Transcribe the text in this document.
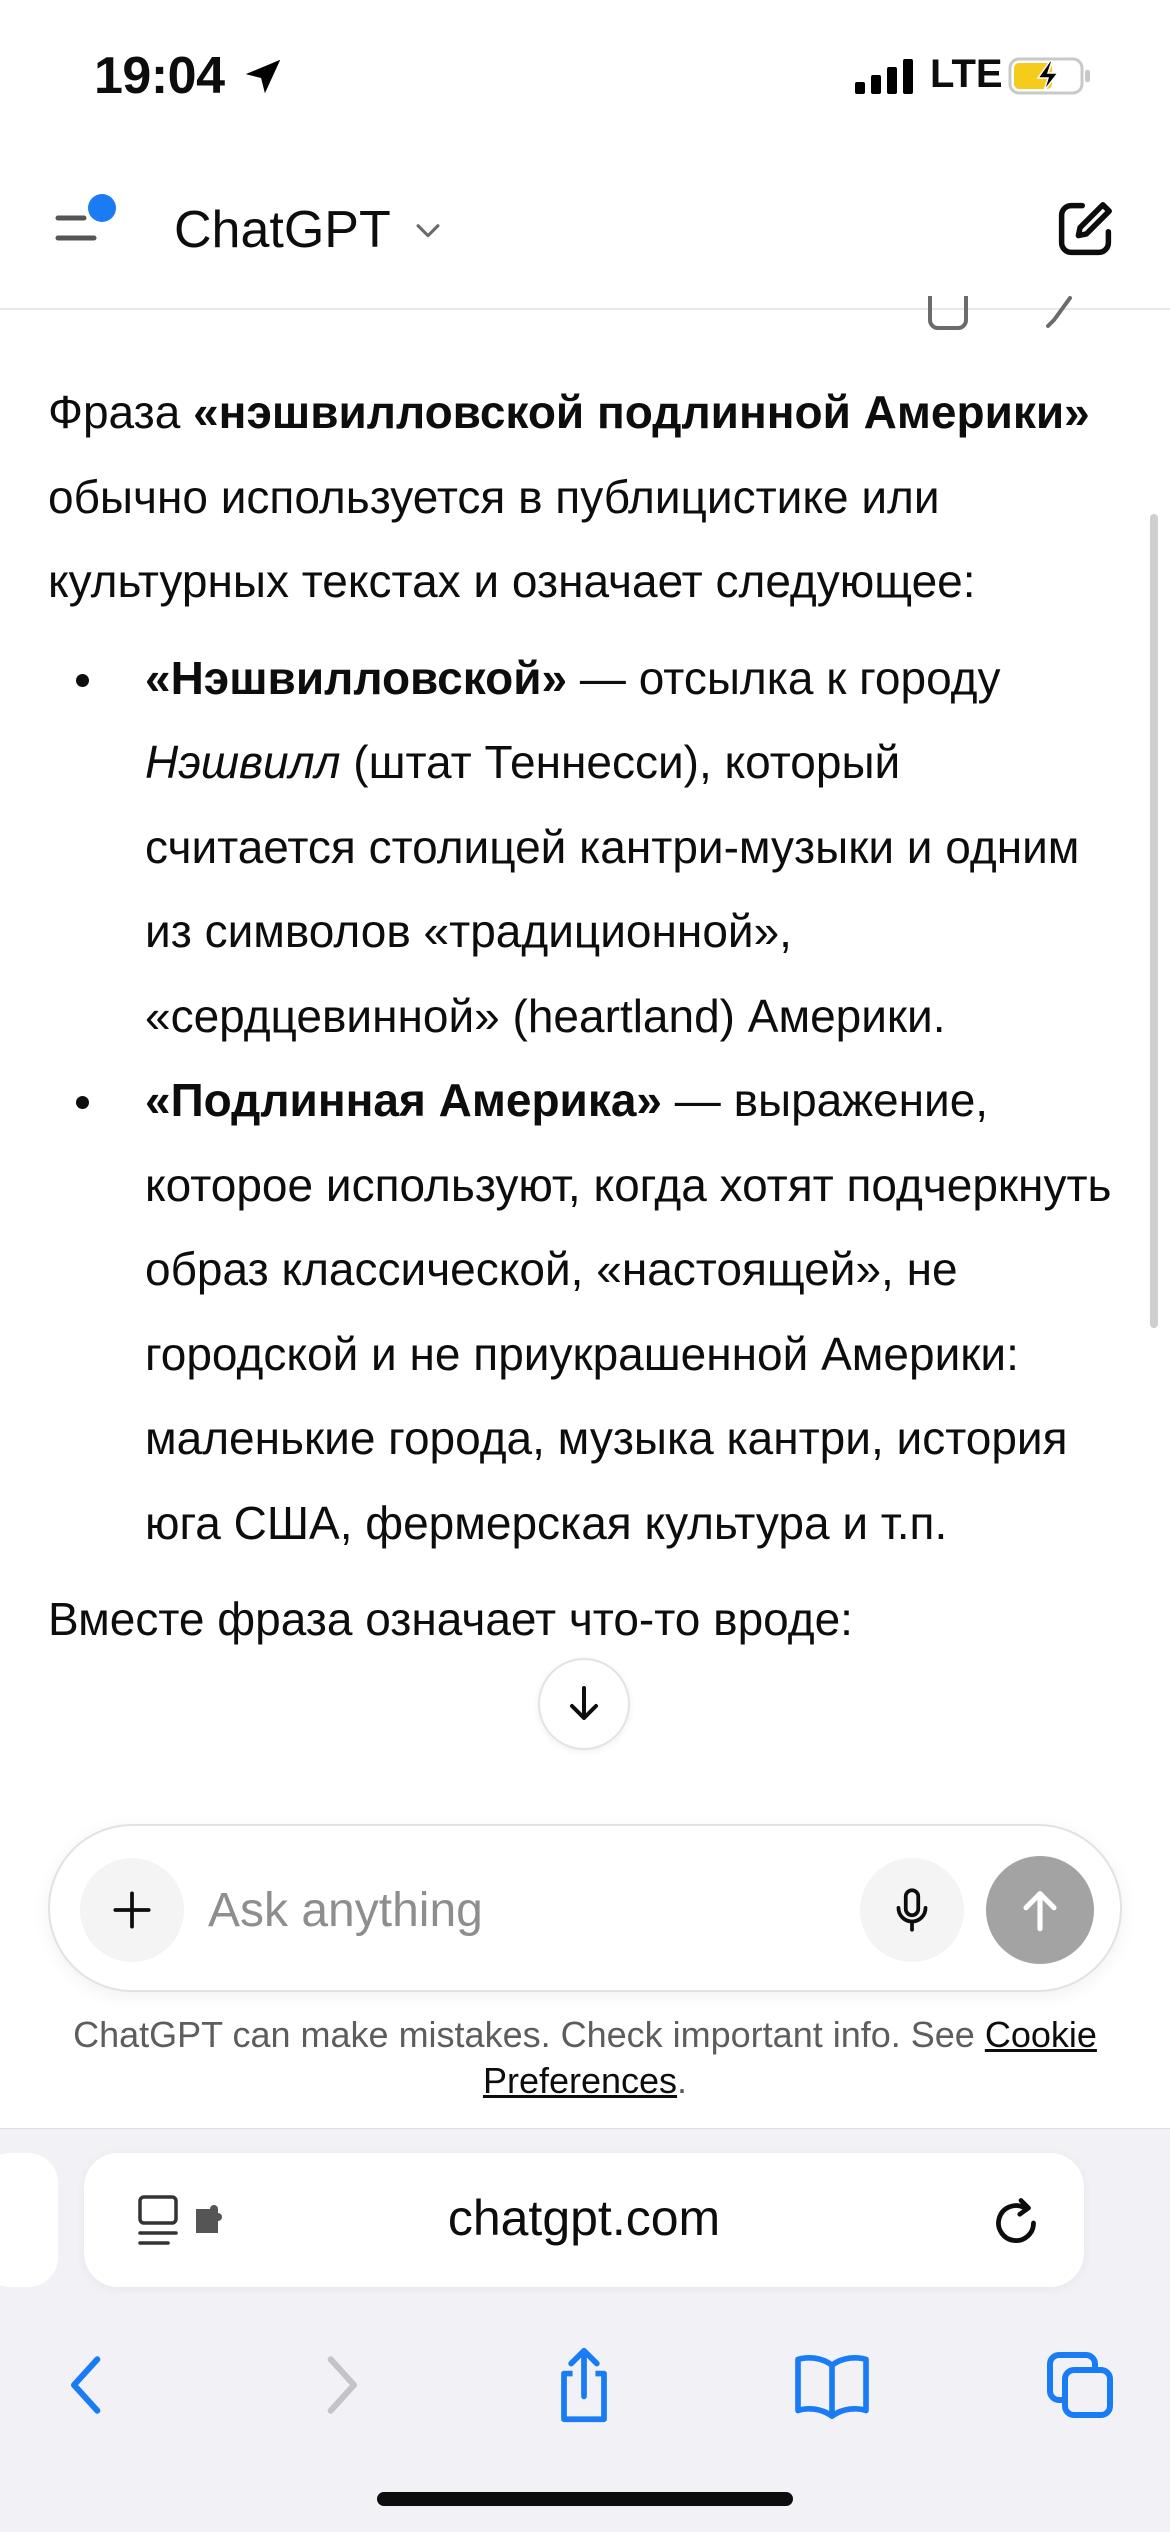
19:04	LTE
ChatGPT

Фраза «нэшвилловской подлинной Америки» обычно используется в публицистике или культурных текстах и означает следующее:

«Нэшвилловской» — отсылка к городу Нэшвилл (штат Теннесси), который считается столицей кантри-музыки и одним из символов «традиционной», «сердцевинной» (heartland) Америки.
«Подлинная Америка» — выражение, которое используют, когда хотят подчеркнуть образ классической, «настоящей», не городской и не приукрашенной Америки: маленькие города, музыка кантри, история юга США, фермерская культура и т.п.

Вместе фраза означает что-то вроде:

Ask anything
ChatGPT can make mistakes. Check important info. See Cookie Preferences.
chatgpt.com
